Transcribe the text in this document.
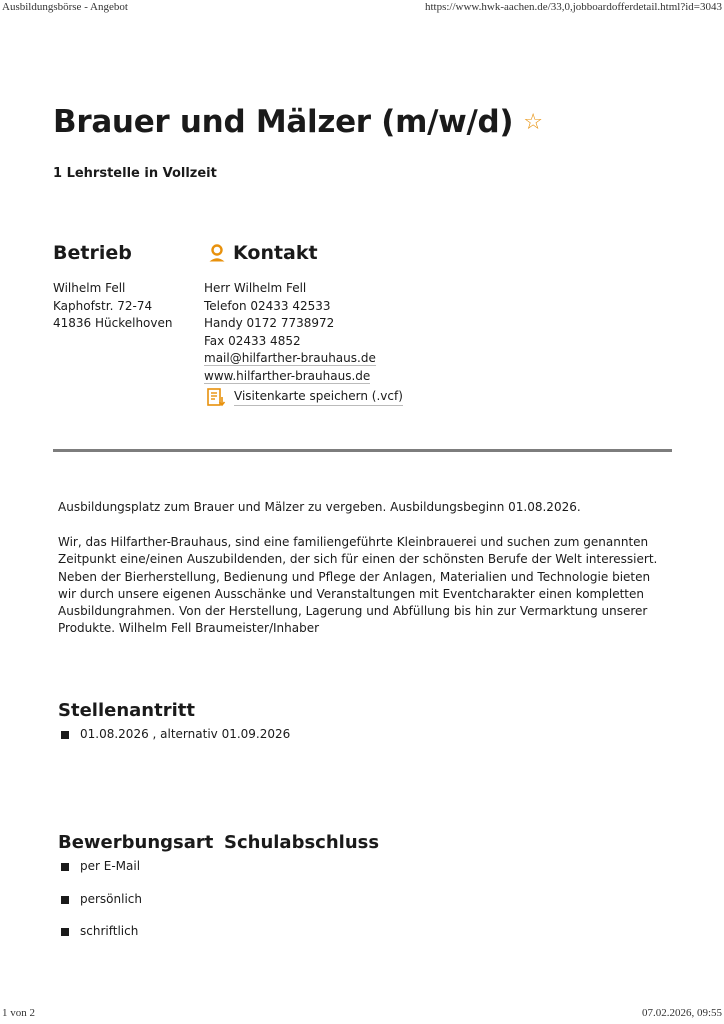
Ausbildungsbörse - Angebot	https://www.hwk-aachen.de/33,0,jobboardofferdetail.html?id=3043
Brauer und Mälzer (m/w/d) ☆
1 Lehrstelle in Vollzeit
Betrieb	Kontakt
Wilhelm Fell
Kaphofstr. 72-74
41836 Hückelhoven
Herr Wilhelm Fell
Telefon 02433 42533
Handy 0172 7738972
Fax 02433 4852
mail@hilfarther-brauhaus.de
www.hilfarther-brauhaus.de
Visitenkarte speichern (.vcf)

Ausbildungsplatz zum Brauer und Mälzer zu vergeben. Ausbildungsbeginn 01.08.2026.

Wir, das Hilfarther-Brauhaus, sind eine familiengeführte Kleinbrauerei und suchen zum genannten Zeitpunkt eine/einen Auszubildenden, der sich für einen der schönsten Berufe der Welt interessiert. Neben der Bierherstellung, Bedienung und Pflege der Anlagen, Materialien und Technologie bieten wir durch unsere eigenen Ausschänke und Veranstaltungen mit Eventcharakter einen kompletten Ausbildungrahmen. Von der Herstellung, Lagerung und Abfüllung bis hin zur Vermarktung unserer Produkte. Wilhelm Fell Braumeister/Inhaber

Stellenantritt
01.08.2026 , alternativ 01.09.2026
Bewerbungsart Schulabschluss
per E-Mail
persönlich
schriftlich
1 von 2	07.02.2026, 09:55
